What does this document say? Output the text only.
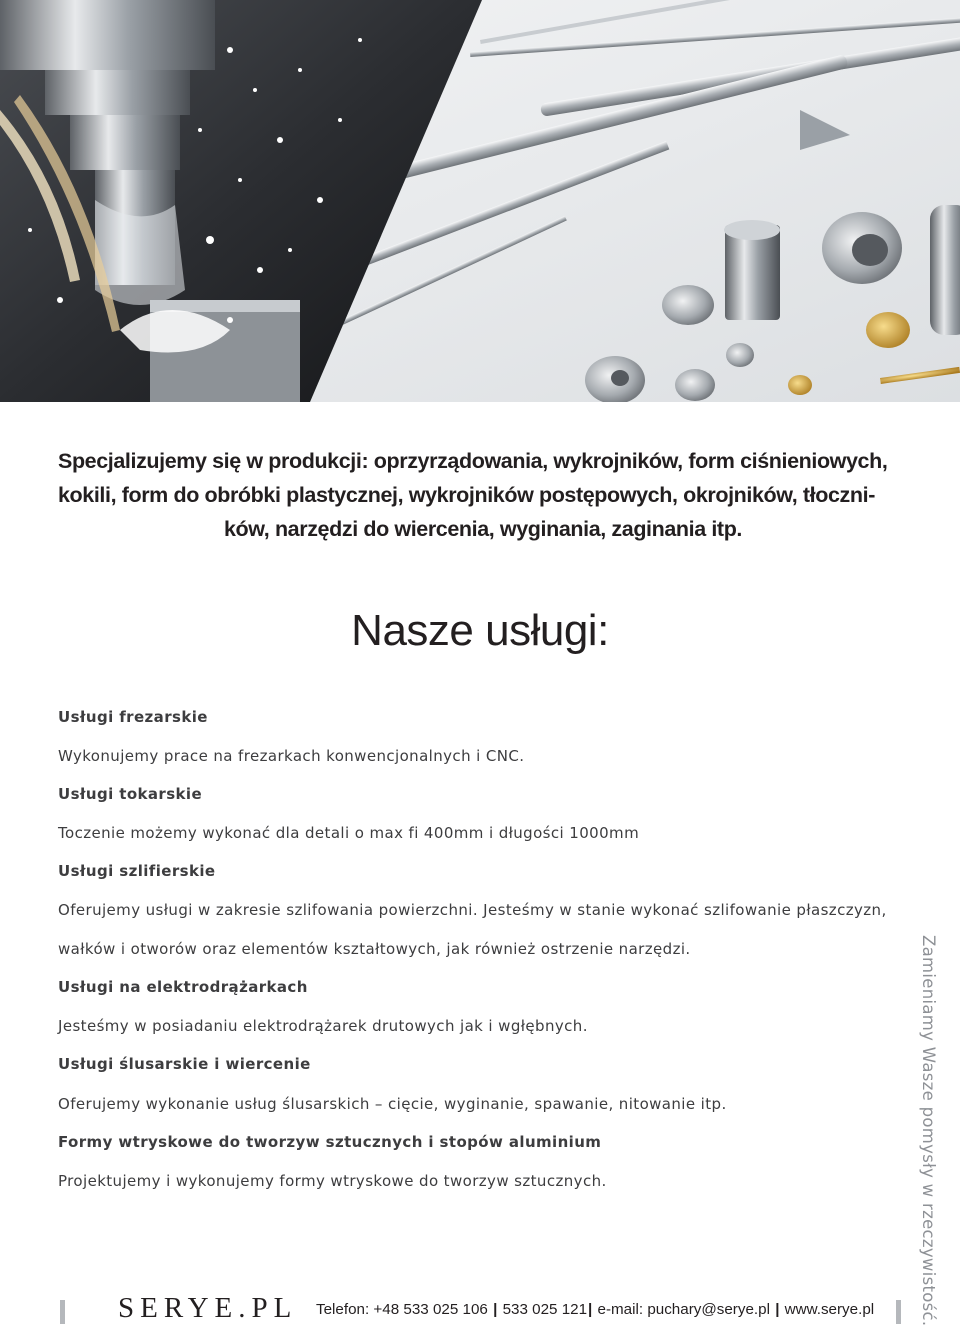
Specjalizujemy się w produkcji: oprzyrządowania, wykrojników, form ciśnieniowych,
kokili, form do obróbki plastycznej, wykrojników postępowych, okrojników, tłoczni-
ków, narzędzi do wiercenia, wyginania, zaginania itp.
Nasze usługi:
Usługi frezarskie
Wykonujemy prace na frezarkach konwencjonalnych i CNC.
Usługi tokarskie
Toczenie możemy wykonać dla detali o max fi 400mm i długości 1000mm
Usługi szlifierskie
Oferujemy usługi w zakresie szlifowania powierzchni. Jesteśmy w stanie wykonać szlifowanie płaszczyzn,
wałków i otworów oraz elementów kształtowych, jak również ostrzenie narzędzi.
Usługi na elektrodrążarkach
Jesteśmy w posiadaniu elektrodrążarek drutowych jak i wgłębnych.
Usługi ślusarskie i wiercenie
Oferujemy wykonanie usług ślusarskich – cięcie, wyginanie, spawanie, nitowanie itp.
Formy wtryskowe do tworzyw sztucznych i stopów aluminium
Projektujemy i wykonujemy formy wtryskowe do tworzyw sztucznych.	Zamieniamy Wasze pomysły w rzeczywistość.
SERYE.PL Telefon: +48 533 025 106 | 533 025 121| e-mail: puchary@serye.pl | www.serye.pl
